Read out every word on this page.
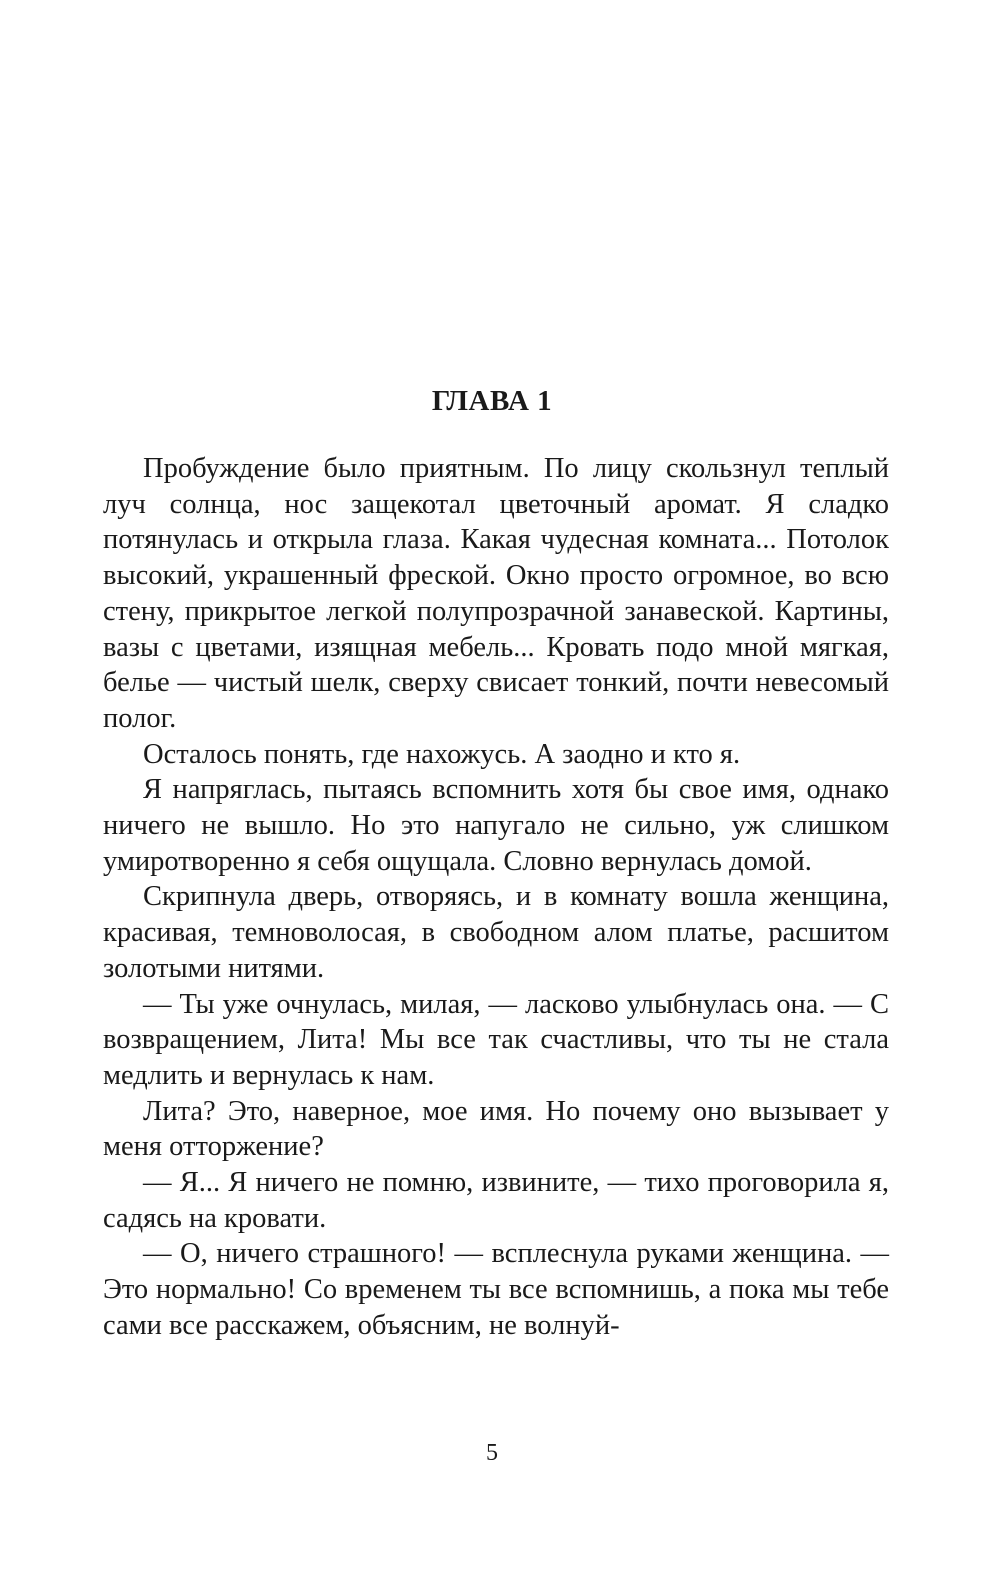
ГЛАВА 1

Пробуждение было приятным. По лицу скользнул теплый луч солнца, нос защекотал цветочный аромат. Я сладко потянулась и открыла глаза. Какая чудесная комната... Потолок высокий, украшенный фреской. Окно просто огромное, во всю стену, прикрытое легкой полупрозрачной занавеской. Картины, вазы с цветами, изящная мебель... Кровать подо мной мягкая, белье — чистый шелк, сверху свисает тонкий, почти невесомый полог.

Осталось понять, где нахожусь. А заодно и кто я.

Я напряглась, пытаясь вспомнить хотя бы свое имя, однако ничего не вышло. Но это напугало не сильно, уж слишком умиротворенно я себя ощущала. Словно вернулась домой.

Скрипнула дверь, отворяясь, и в комнату вошла женщина, красивая, темноволосая, в свободном алом платье, расшитом золотыми нитями.

— Ты уже очнулась, милая, — ласково улыбнулась она. — С возвращением, Лита! Мы все так счастливы, что ты не стала медлить и вернулась к нам.

Лита? Это, наверное, мое имя. Но почему оно вызывает у меня отторжение?

— Я... Я ничего не помню, извините, — тихо проговорила я, садясь на кровати.

— О, ничего страшного! — всплеснула руками женщина. — Это нормально! Со временем ты все вспомнишь, а пока мы тебе сами все расскажем, объясним, не волнуй-

5
